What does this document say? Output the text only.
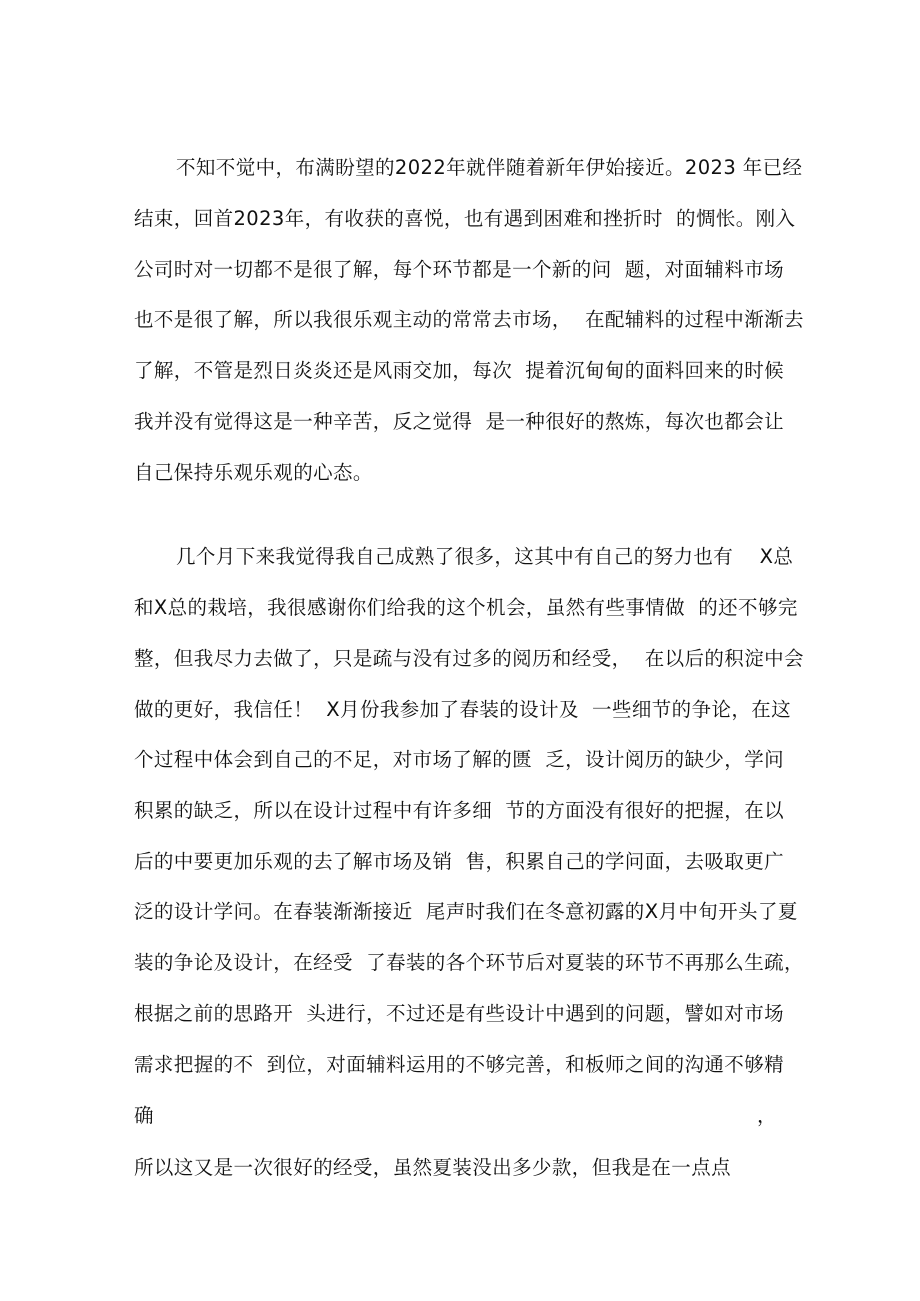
不知不觉中，布满盼望的2022年就伴随着新年伊始接近。2023 年已经
结束，回首2023年，有收获的喜悦，也有遇到困难和挫折时  的惆怅。刚入
公司时对一切都不是很了解，每个环节都是一个新的问  题，对面辅料市场
也不是很了解，所以我很乐观主动的常常去市场，  在配辅料的过程中渐渐去
了解，不管是烈日炎炎还是风雨交加，每次  提着沉甸甸的面料回来的时候
我并没有觉得这是一种辛苦，反之觉得  是一种很好的熬炼，每次也都会让
自己保持乐观乐观的心态。
几个月下来我觉得我自己成熟了很多，这其中有自己的努力也有    X总
和X总的栽培，我很感谢你们给我的这个机会，虽然有些事情做  的还不够完
整，但我尽力去做了，只是疏与没有过多的阅历和经受，  在以后的积淀中会
做的更好，我信任！  X月份我参加了春装的设计及  一些细节的争论，在这
个过程中体会到自己的不足，对市场了解的匮  乏，设计阅历的缺少，学问
积累的缺乏，所以在设计过程中有许多细  节的方面没有很好的把握，在以
后的中要更加乐观的去了解市场及销  售，积累自己的学问面，去吸取更广
泛的设计学问。在春装渐渐接近  尾声时我们在冬意初露的X月中旬开头了夏
装的争论及设计，在经受  了春装的各个环节后对夏装的环节不再那么生疏，
根据之前的思路开  头进行，不过还是有些设计中遇到的问题，譬如对市场
需求把握的不  到位，对面辅料运用的不够完善，和板师之间的沟通不够精
确	，
所以这又是一次很好的经受，虽然夏装没出多少款，但我是在一点点
